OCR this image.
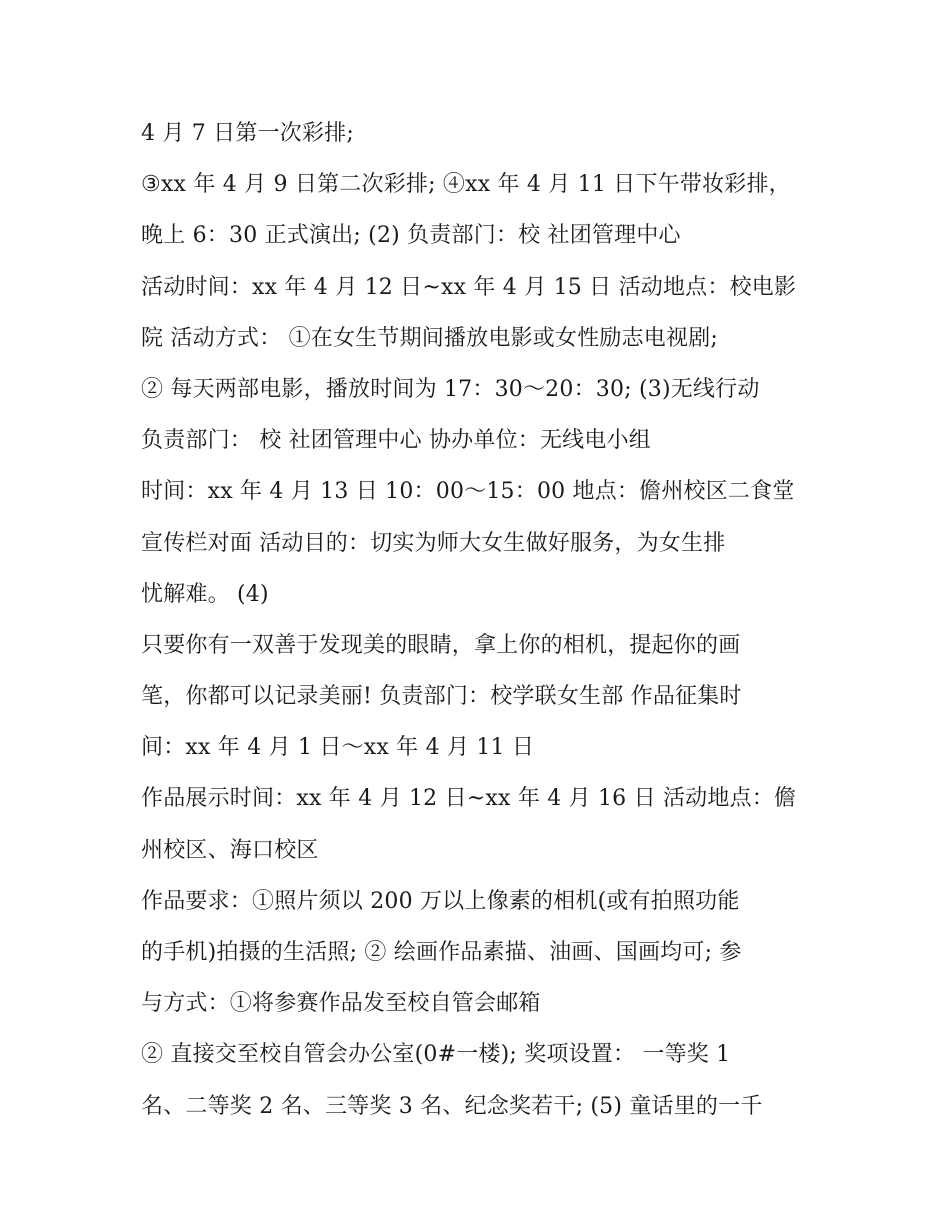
4 月 7 日第一次彩排;
③xx 年 4 月 9 日第二次彩排; ④xx 年 4 月 11 日下午带妆彩排，
晚上 6：30 正式演出; (2) 负责部门：校 社团管理中心
活动时间：xx 年 4 月 12 日~xx 年 4 月 15 日 活动地点：校电影
院 活动方式： ①在女生节期间播放电影或女性励志电视剧;
② 每天两部电影，播放时间为 17：30～20：30; (3)无线行动
负责部门： 校 社团管理中心 协办单位：无线电小组
时间：xx 年 4 月 13 日 10：00～15：00 地点：儋州校区二食堂
宣传栏对面 活动目的：切实为师大女生做好服务，为女生排
忧解难。 (4)
只要你有一双善于发现美的眼睛，拿上你的相机，提起你的画
笔，你都可以记录美丽! 负责部门：校学联女生部 作品征集时
间：xx 年 4 月 1 日～xx 年 4 月 11 日
作品展示时间：xx 年 4 月 12 日~xx 年 4 月 16 日 活动地点：儋
州校区、海口校区
作品要求：①照片须以 200 万以上像素的相机(或有拍照功能
的手机)拍摄的生活照; ② 绘画作品素描、油画、国画均可; 参
与方式：①将参赛作品发至校自管会邮箱
② 直接交至校自管会办公室(0#一楼); 奖项设置： 一等奖 1
名、二等奖 2 名、三等奖 3 名、纪念奖若干; (5) 童话里的一千
